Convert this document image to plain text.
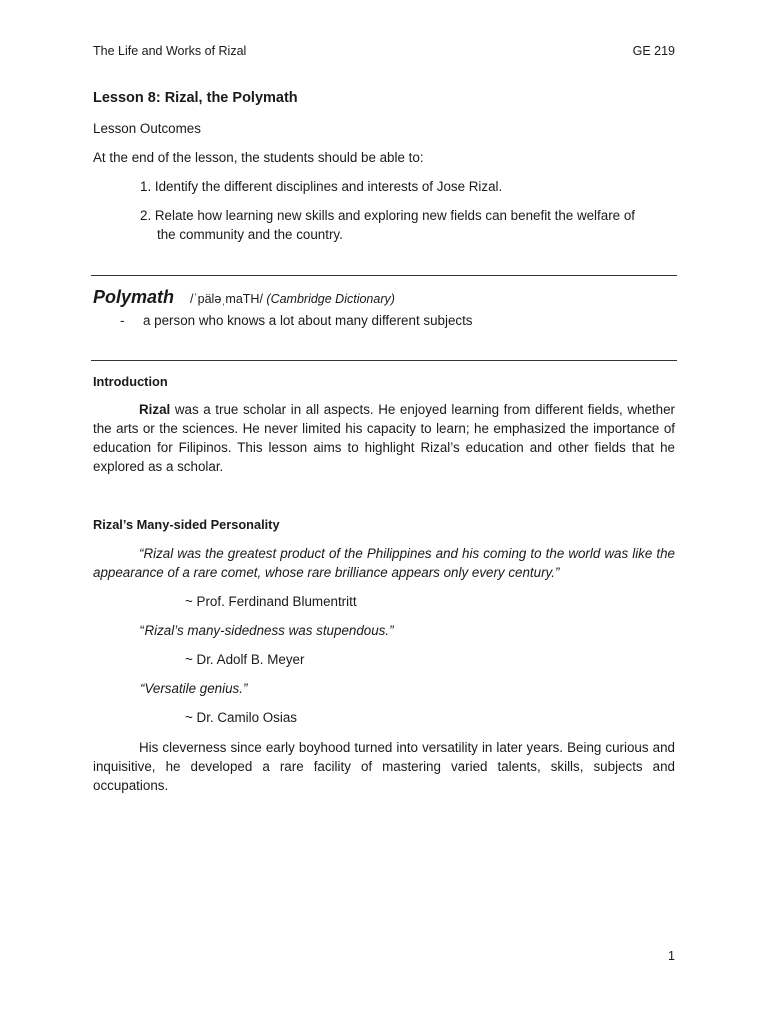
The Life and Works of Rizal	GE 219
Lesson 8: Rizal, the Polymath
Lesson Outcomes
At the end of the lesson, the students should be able to:
1. Identify the different disciplines and interests of Jose Rizal.
2. Relate how learning new skills and exploring new fields can benefit the welfare of
the community and the country.
Polymath /ˈpäləˌmaTH/ (Cambridge Dictionary)
- a person who knows a lot about many different subjects
Introduction
Rizal was a true scholar in all aspects. He enjoyed learning from different fields, whether the arts or the sciences. He never limited his capacity to learn; he emphasized the importance of education for Filipinos. This lesson aims to highlight Rizal’s education and other fields that he explored as a scholar.
Rizal’s Many-sided Personality
“Rizal was the greatest product of the Philippines and his coming to the world was like the appearance of a rare comet, whose rare brilliance appears only every century.”
~ Prof. Ferdinand Blumentritt
“Rizal’s many-sidedness was stupendous.”
~ Dr. Adolf B. Meyer
“Versatile genius.”
~ Dr. Camilo Osias
His cleverness since early boyhood turned into versatility in later years. Being curious and inquisitive, he developed a rare facility of mastering varied talents, skills, subjects and occupations.
1
